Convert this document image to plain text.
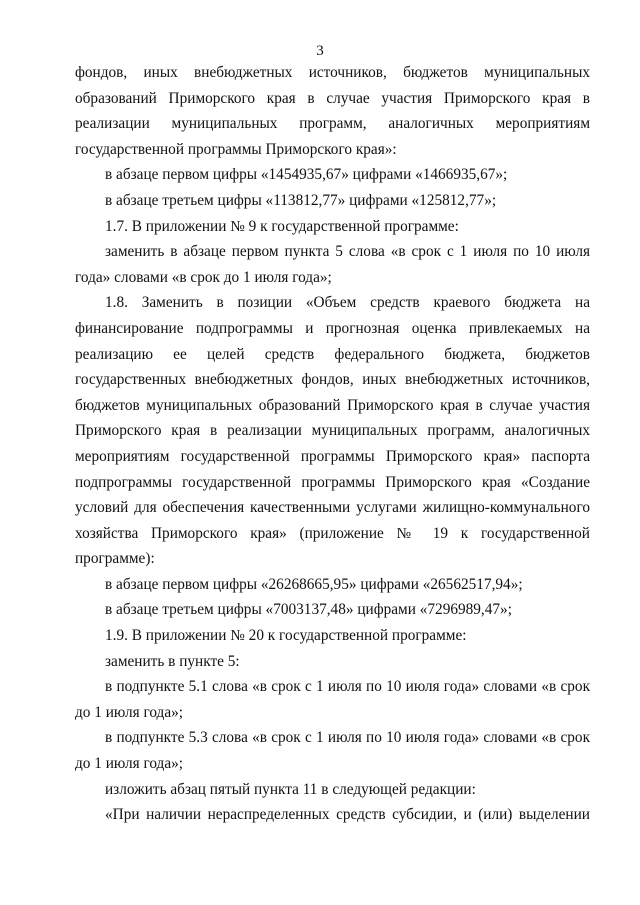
3

фондов, иных внебюджетных источников, бюджетов муниципальных образований Приморского края в случае участия Приморского края в реализации муниципальных программ, аналогичных мероприятиям государственной программы Приморского края»:

в абзаце первом цифры «1454935,67» цифрами «1466935,67»;

в абзаце третьем цифры «113812,77» цифрами «125812,77»;

1.7. В приложении № 9 к государственной программе:

заменить в абзаце первом пункта 5 слова «в срок с 1 июля по 10 июля года» словами «в срок до 1 июля года»;

1.8. Заменить в позиции «Объем средств краевого бюджета на финансирование подпрограммы и прогнозная оценка привлекаемых на реализацию ее целей средств федерального бюджета, бюджетов государственных внебюджетных фондов, иных внебюджетных источников, бюджетов муниципальных образований Приморского края в случае участия Приморского края в реализации муниципальных программ, аналогичных мероприятиям государственной программы Приморского края» паспорта подпрограммы государственной программы Приморского края «Создание условий для обеспечения качественными услугами жилищно-коммунального хозяйства Приморского края» (приложение № 19 к государственной программе):

в абзаце первом цифры «26268665,95» цифрами «26562517,94»;

в абзаце третьем цифры «7003137,48» цифрами «7296989,47»;

1.9. В приложении № 20 к государственной программе:

заменить в пункте 5:

в подпункте 5.1 слова «в срок с 1 июля по 10 июля года» словами «в срок до 1 июля года»;

в подпункте 5.3 слова «в срок с 1 июля по 10 июля года» словами «в срок до 1 июля года»;

изложить абзац пятый пункта 11 в следующей редакции:

«При наличии нераспределенных средств субсидии, и (или) выделении
